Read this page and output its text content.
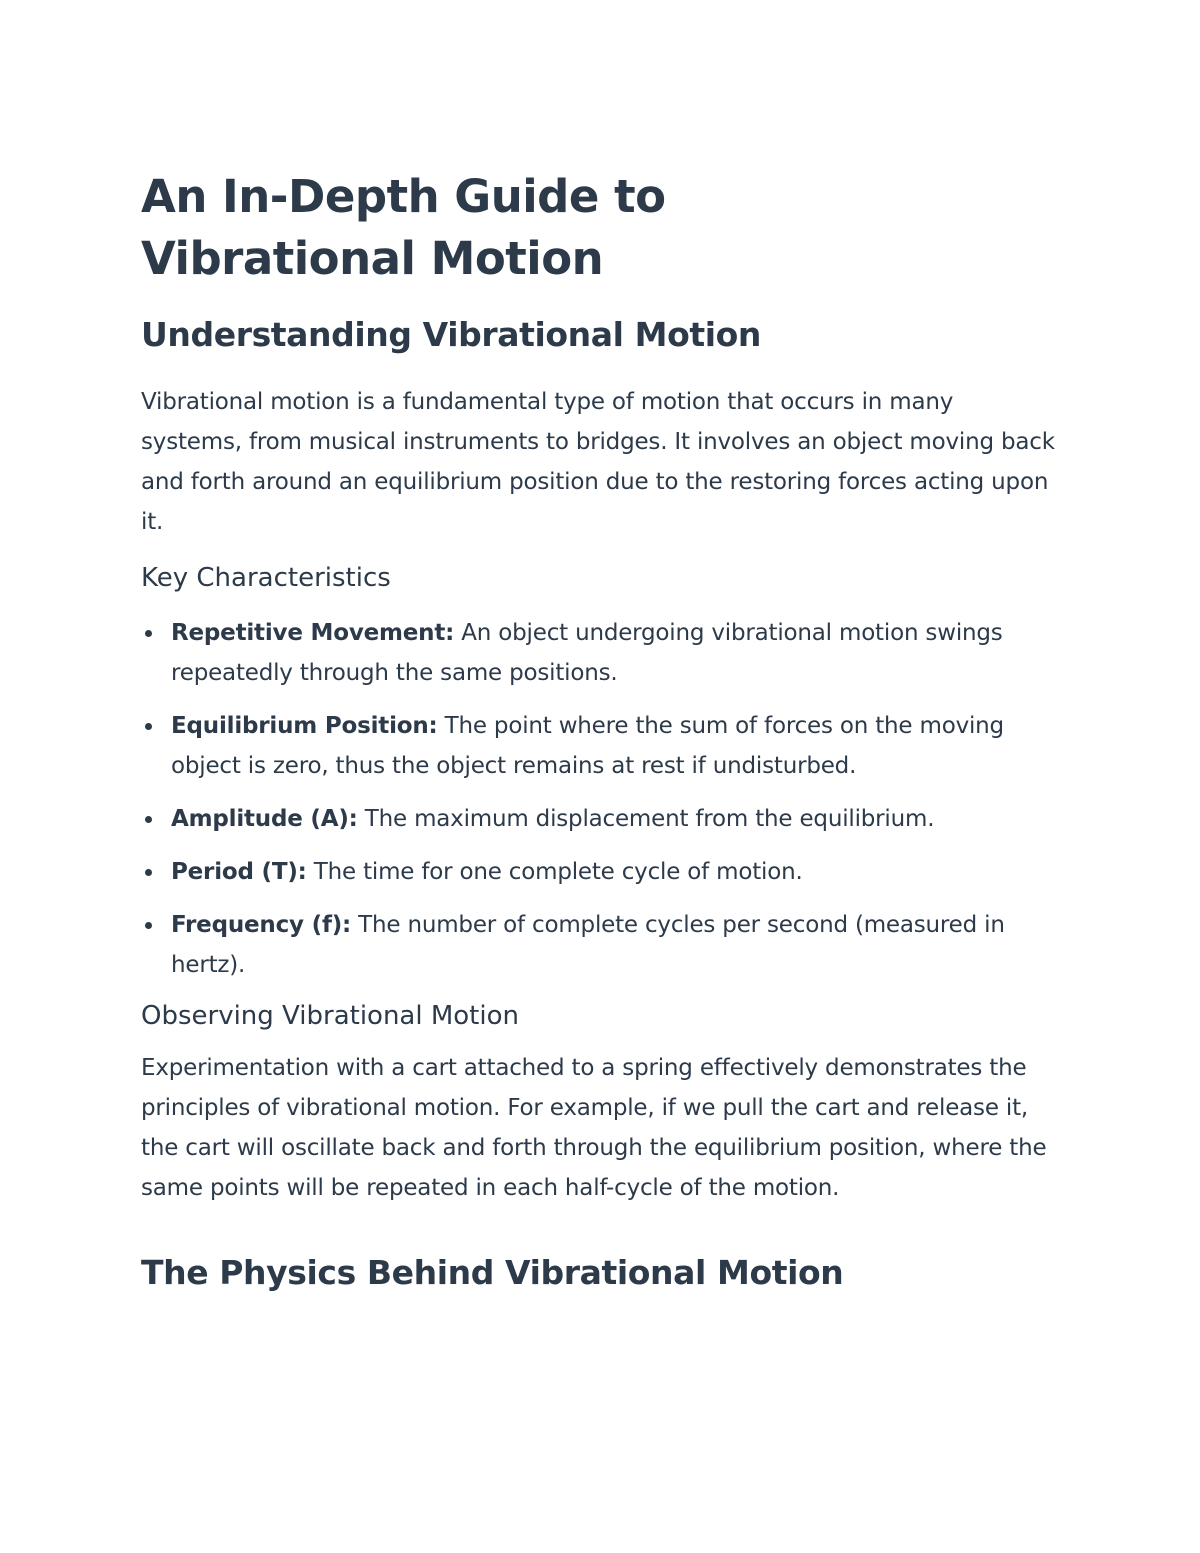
An In-Depth Guide to Vibrational Motion
Understanding Vibrational Motion

Vibrational motion is a fundamental type of motion that occurs in many systems, from musical instruments to bridges. It involves an object moving back and forth around an equilibrium position due to the restoring forces acting upon it.

Key Characteristics
Repetitive Movement: An object undergoing vibrational motion swings repeatedly through the same positions.
Equilibrium Position: The point where the sum of forces on the moving object is zero, thus the object remains at rest if undisturbed.
Amplitude (A): The maximum displacement from the equilibrium.
Period (T): The time for one complete cycle of motion.
Frequency (f): The number of complete cycles per second (measured in hertz).
Observing Vibrational Motion

Experimentation with a cart attached to a spring effectively demonstrates the principles of vibrational motion. For example, if we pull the cart and release it, the cart will oscillate back and forth through the equilibrium position, where the same points will be repeated in each half-cycle of the motion.

The Physics Behind Vibrational Motion
